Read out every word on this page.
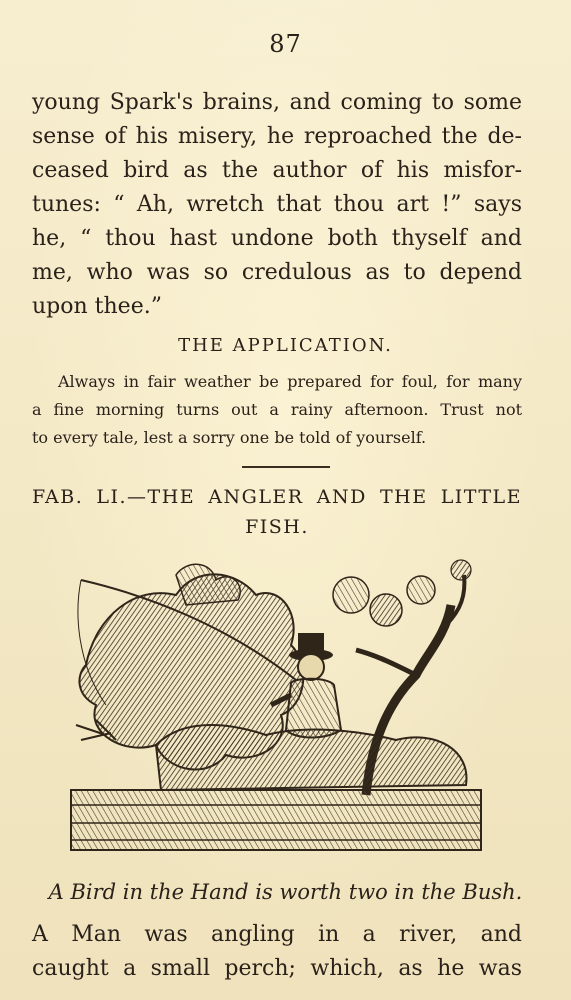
87
young Spark's brains, and coming to some
sense of his misery, he reproached the de-
ceased bird as the author of his misfor-
tunes: “ Ah, wretch that thou art !” says
he, “ thou hast undone both thyself and
me, who was so credulous as to depend
upon thee.”
THE APPLICATION.
Always in fair weather be prepared for foul, for many
a fine morning turns out a rainy afternoon. Trust not
to every tale, lest a sorry one be told of yourself.
FAB. LI.—THE ANGLER AND THE LITTLE
FISH.
A Bird in the Hand is worth two in the Bush.
A Man was angling in a river, and
caught a small perch; which, as he was
